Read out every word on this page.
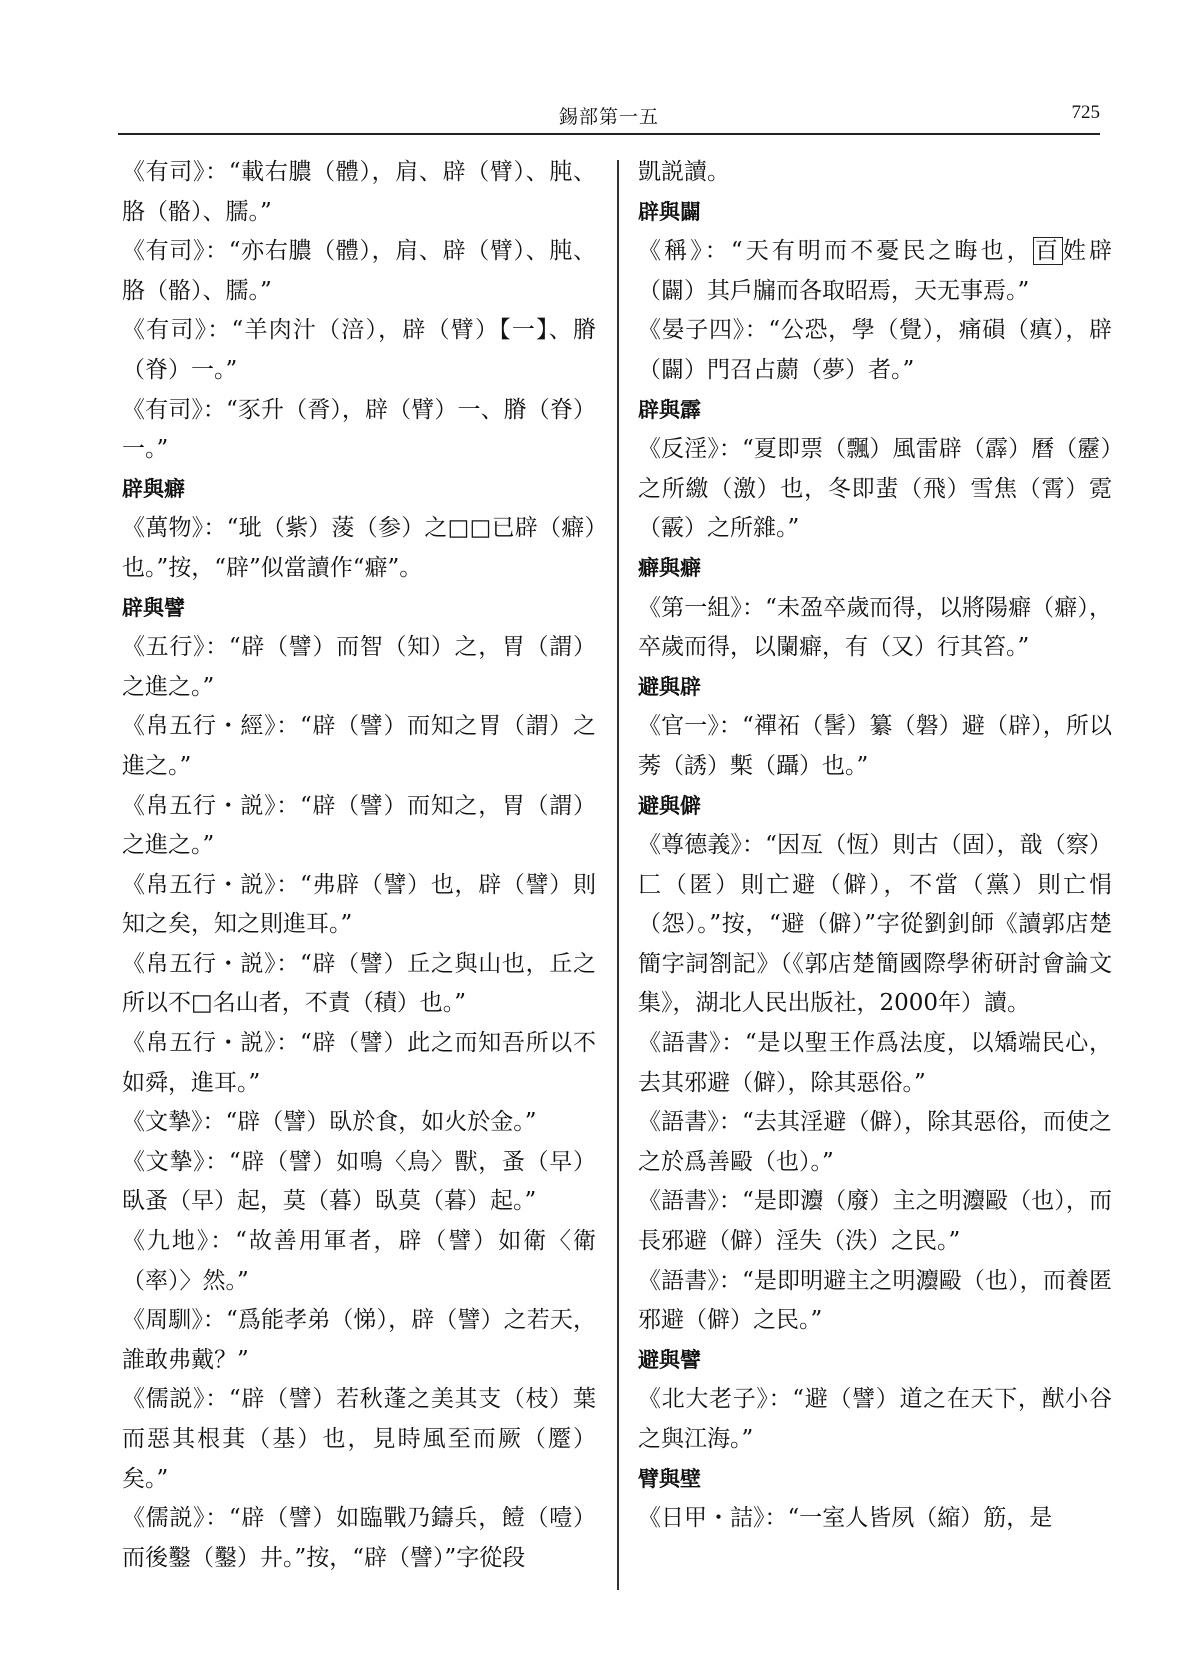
錫部第一五	725

《有司》：“載右膿（體），肩、辟（臂）、肫、胳（骼）、臑。”

《有司》：“亦右膿（體），肩、辟（臂）、肫、胳（骼）、臑。”

《有司》：“羊肉汁（涪），辟（臂）【一】、膌（脊）一。”

《有司》：“豕升（脀），辟（臂）一、膌（脊）一。”

辟與癖

《萬物》：“玼（紫）蔆（参）之□□已辟（癖）也。”按，“辟”似當讀作“癖”。

辟與譬

《五行》：“辟（譬）而智（知）之，胃（謂）之進之。”

《帛五行・經》：“辟（譬）而知之胃（謂）之進之。”

《帛五行・説》：“辟（譬）而知之，胃（謂）之進之。”

《帛五行・説》：“弗辟（譬）也，辟（譬）則知之矣，知之則進耳。”

《帛五行・説》：“辟（譬）丘之與山也，丘之所以不□名山者，不責（積）也。”

《帛五行・説》：“辟（譬）此之而知吾所以不如舜，進耳。”

《文摯》：“辟（譬）臥於食，如火於金。”

《文摯》：“辟（譬）如鳴〈鳥〉獸，蚤（早）臥蚤（早）起，莫（暮）臥莫（暮）起。”

《九地》：“故善用軍者，辟（譬）如衛〈衛（率）〉然。”

《周馴》：“爲能孝弟（悌），辟（譬）之若天，誰敢弗戴？”

《儒説》：“辟（譬）若秋蓬之美其支（枝）葉而惡其根萁（基）也，見時風至而厥（蹷）矣。”

《儒説》：“辟（譬）如臨戰乃鑄兵，饐（噎）而後鑿（鑿）井。”按，“辟（譬）”字從段

凱説讀。

辟與闢

《稱》：“天有明而不憂民之晦也，百姓辟（闢）其戶牖而各取昭焉，天无事焉。”

《晏子四》：“公恐，學（覺），痛磒（瘨），辟（闢）門召占蘮（夢）者。”

辟與霹

《反淫》：“夏即票（飄）風雷辟（霹）曆（靂）之所繳（激）也，冬即蜚（飛）雪焦（霄）霓（霰）之所雜。”

癖與癖

《第一組》：“未盈卒歲而得，以將陽癖（癖），卒歲而得，以闌癖，有（又）行其笞。”

避與辟

《官一》：“禪祏（髺）纂（磐）避（辟），所以莠（誘）槧（躡）也。”

避與僻

《尊德義》：“因亙（恆）則古（固），戠（察）匚（匿）則亡避（僻），不當（黨）則亡悁（怨）。”按，“避（僻）”字從劉釗師《讀郭店楚簡字詞劄記》（《郭店楚簡國際學術研討會論文集》，湖北人民出版社，2000年）讀。

《語書》：“是以聖王作爲法度，以矯端民心，去其邪避（僻），除其惡俗。”

《語書》：“去其淫避（僻），除其惡俗，而使之之於爲善毆（也）。”

《語書》：“是即灋（廢）主之明灋毆（也），而長邪避（僻）淫失（泆）之民。”

《語書》：“是即明避主之明灋毆（也），而養匿邪避（僻）之民。”

避與譬

《北大老子》：“避（譬）道之在天下，猷小谷之與江海。”

臂與壁

《日甲・詰》：“一室人皆夙（縮）筋，是
